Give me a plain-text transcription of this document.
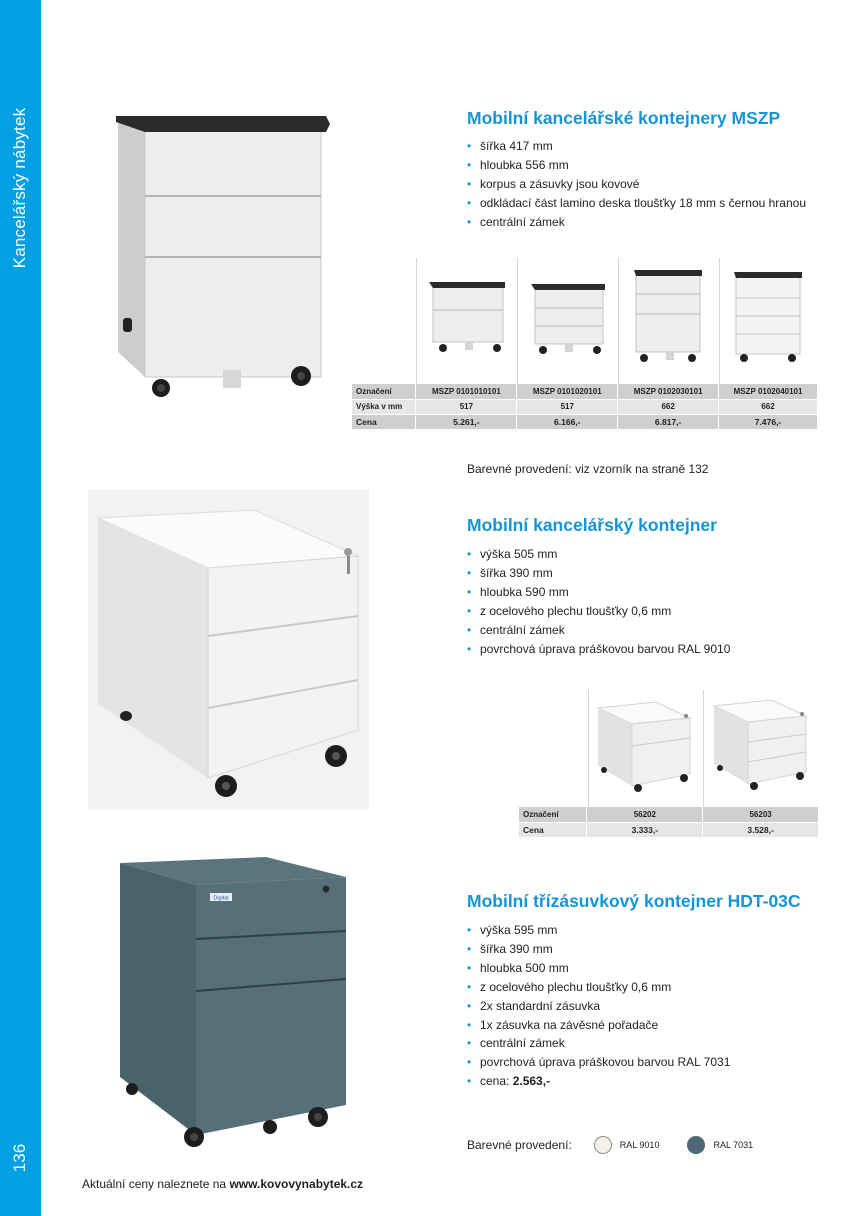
Kancelářský nábytek
136
Mobilní kancelářské kontejnery MSZP
• šířka 417 mm
• hloubka 556 mm
• korpus a zásuvky jsou kovové
• odkládací část lamino deska tloušťky 18 mm s černou hranou
• centrální zámek
Označení	MSZP 0101010101	MSZP 0101020101	MSZP 0102030101	MSZP 0102040101
Výška v mm	517	517	662	662
Cena	5.261,-	6.166,-	6.817,-	7.476,-
Barevné provedení: viz vzorník na straně 132
Mobilní kancelářský kontejner
• výška 505 mm
• šířka 390 mm
• hloubka 590 mm
• z ocelového plechu tloušťky 0,6 mm
• centrální zámek
• povrchová úprava práškovou barvou RAL 9010
Označení	56202	56203
Cena	3.333,-	3.528,-
Digital	Mobilní třízásuvkový kontejner HDT-03C
• výška 595 mm
• šířka 390 mm
• hloubka 500 mm
• z ocelového plechu tloušťky 0,6 mm
• 2x standardní zásuvka
• 1x zásuvka na závěsné pořadače
• centrální zámek
• povrchová úprava práškovou barvou RAL 7031
• cena: 2.563,-
Barevné provedení:	RAL 9010	RAL 7031
Aktuální ceny naleznete na www.kovovynabytek.cz
